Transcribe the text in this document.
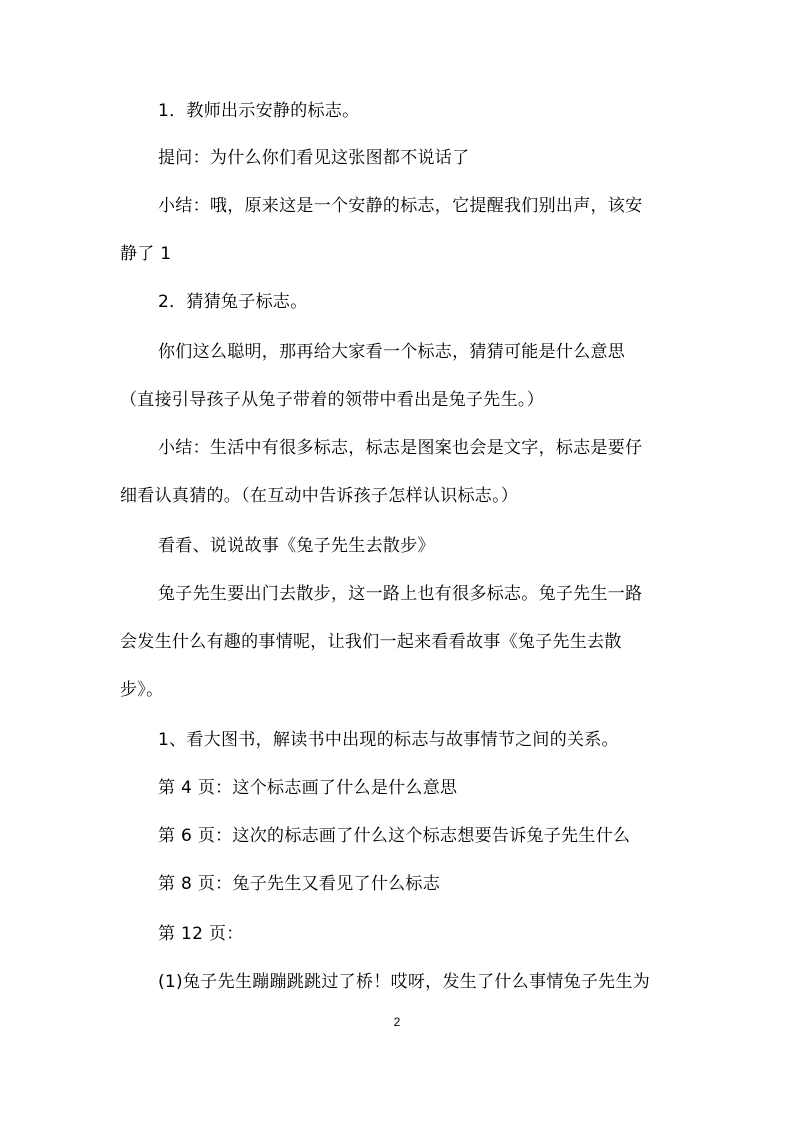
1．教师出示安静的标志。
提问：为什么你们看见这张图都不说话了
小结：哦，原来这是一个安静的标志，它提醒我们别出声，该安
静了 1
2．猜猜兔子标志。
你们这么聪明，那再给大家看一个标志，猜猜可能是什么意思
（直接引导孩子从兔子带着的领带中看出是兔子先生。）
小结：生活中有很多标志，标志是图案也会是文字，标志是要仔
细看认真猜的。（在互动中告诉孩子怎样认识标志。）
看看、说说故事《兔子先生去散步》
兔子先生要出门去散步，这一路上也有很多标志。兔子先生一路
会发生什么有趣的事情呢，让我们一起来看看故事《兔子先生去散
步》。
1、看大图书，解读书中出现的标志与故事情节之间的关系。
第 4 页：这个标志画了什么是什么意思
第 6 页：这次的标志画了什么这个标志想要告诉兔子先生什么
第 8 页：兔子先生又看见了什么标志
第 12 页：
(1)兔子先生蹦蹦跳跳过了桥！哎呀，发生了什么事情兔子先生为
2
